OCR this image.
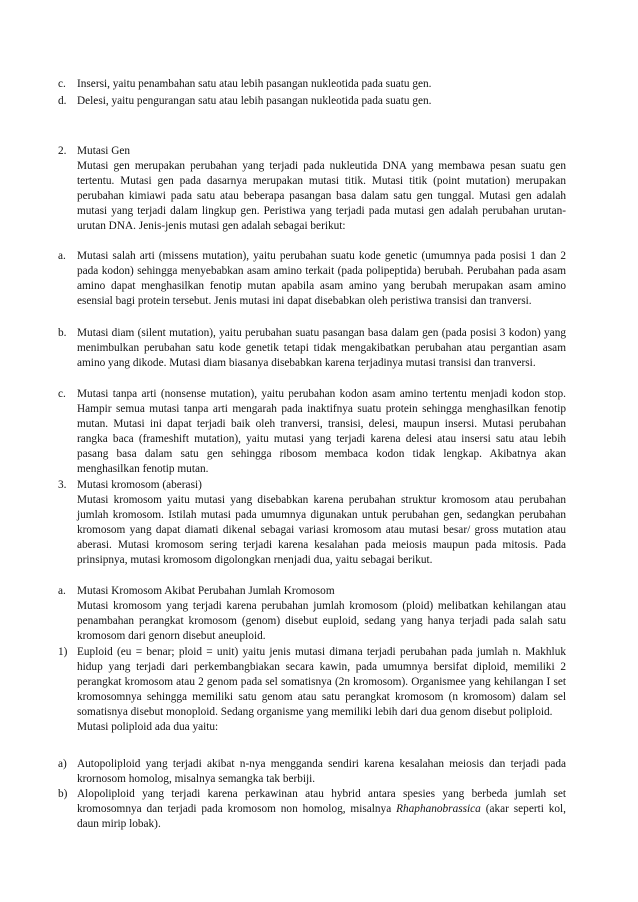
c. Insersi, yaitu penambahan satu atau lebih pasangan nukleotida pada suatu gen.
d. Delesi, yaitu pengurangan satu atau lebih pasangan nukleotida pada suatu gen.
2. Mutasi Gen
Mutasi gen merupakan perubahan yang terjadi pada nukleutida DNA yang membawa pesan suatu gen tertentu. Mutasi gen pada dasarnya merupakan mutasi titik. Mutasi titik (point mutation) merupakan perubahan kimiawi pada satu atau beberapa pasangan basa dalam satu gen tunggal. Mutasi gen adalah mutasi yang terjadi dalam lingkup gen. Peristiwa yang terjadi pada mutasi gen adalah perubahan urutan-urutan DNA. Jenis-jenis mutasi gen adalah sebagai berikut:
a. Mutasi salah arti (missens mutation), yaitu perubahan suatu kode genetic (umumnya pada posisi 1 dan 2 pada kodon) sehingga menyebabkan asam amino terkait (pada polipeptida) berubah. Perubahan pada asam amino dapat menghasilkan fenotip mutan apabila asam amino yang berubah merupakan asam amino esensial bagi protein tersebut. Jenis mutasi ini dapat disebabkan oleh peristiwa transisi dan tranversi.
b. Mutasi diam (silent mutation), yaitu perubahan suatu pasangan basa dalam gen (pada posisi 3 kodon) yang menimbulkan perubahan satu kode genetik tetapi tidak mengakibatkan perubahan atau pergantian asam amino yang dikode. Mutasi diam biasanya disebabkan karena terjadinya mutasi transisi dan tranversi.
c. Mutasi tanpa arti (nonsense mutation), yaitu perubahan kodon asam amino tertentu menjadi kodon stop. Hampir semua mutasi tanpa arti mengarah pada inaktifnya suatu protein sehingga menghasilkan fenotip mutan. Mutasi ini dapat terjadi baik oleh tranversi, transisi, delesi, maupun insersi. Mutasi perubahan rangka baca (frameshift mutation), yaitu mutasi yang terjadi karena delesi atau insersi satu atau lebih pasang basa dalam satu gen sehingga ribosom membaca kodon tidak lengkap. Akibatnya akan menghasilkan fenotip mutan.
3. Mutasi kromosom (aberasi)
Mutasi kromosom yaitu mutasi yang disebabkan karena perubahan struktur kromosom atau perubahan jumlah kromosom. Istilah mutasi pada umumnya digunakan untuk perubahan gen, sedangkan perubahan kromosom yang dapat diamati dikenal sebagai variasi kromosom atau mutasi besar/ gross mutation atau aberasi. Mutasi kromosom sering terjadi karena kesalahan pada meiosis maupun pada mitosis. Pada prinsipnya, mutasi kromosom digolongkan rnenjadi dua, yaitu sebagai berikut.
a. Mutasi Kromosom Akibat Perubahan Jumlah Kromosom
Mutasi kromosom yang terjadi karena perubahan jumlah kromosom (ploid) melibatkan kehilangan atau penambahan perangkat kromosom (genom) disebut euploid, sedang yang hanya terjadi pada salah satu kromosom dari genorn disebut aneuploid.
1) Euploid (eu = benar; ploid = unit) yaitu jenis mutasi dimana terjadi perubahan pada jumlah n. Makhluk hidup yang terjadi dari perkembangbiakan secara kawin, pada umumnya bersifat diploid, memiliki 2 perangkat kromosom atau 2 genom pada sel somatisnya (2n kromosom). Organismee yang kehilangan I set kromosomnya sehingga memiliki satu genom atau satu perangkat kromosom (n kromosom) dalam sel somatisnya disebut monoploid. Sedang organisme yang memiliki lebih dari dua genom disebut poliploid.
Mutasi poliploid ada dua yaitu:
a) Autopoliploid yang terjadi akibat n-nya mengganda sendiri karena kesalahan meiosis dan terjadi pada krornosom homolog, misalnya semangka tak berbiji.
b) Alopoliploid yang terjadi karena perkawinan atau hybrid antara spesies yang berbeda jumlah set kromosomnya dan terjadi pada kromosom non homolog, misalnya Rhaphanobrassica (akar seperti kol, daun mirip lobak).
